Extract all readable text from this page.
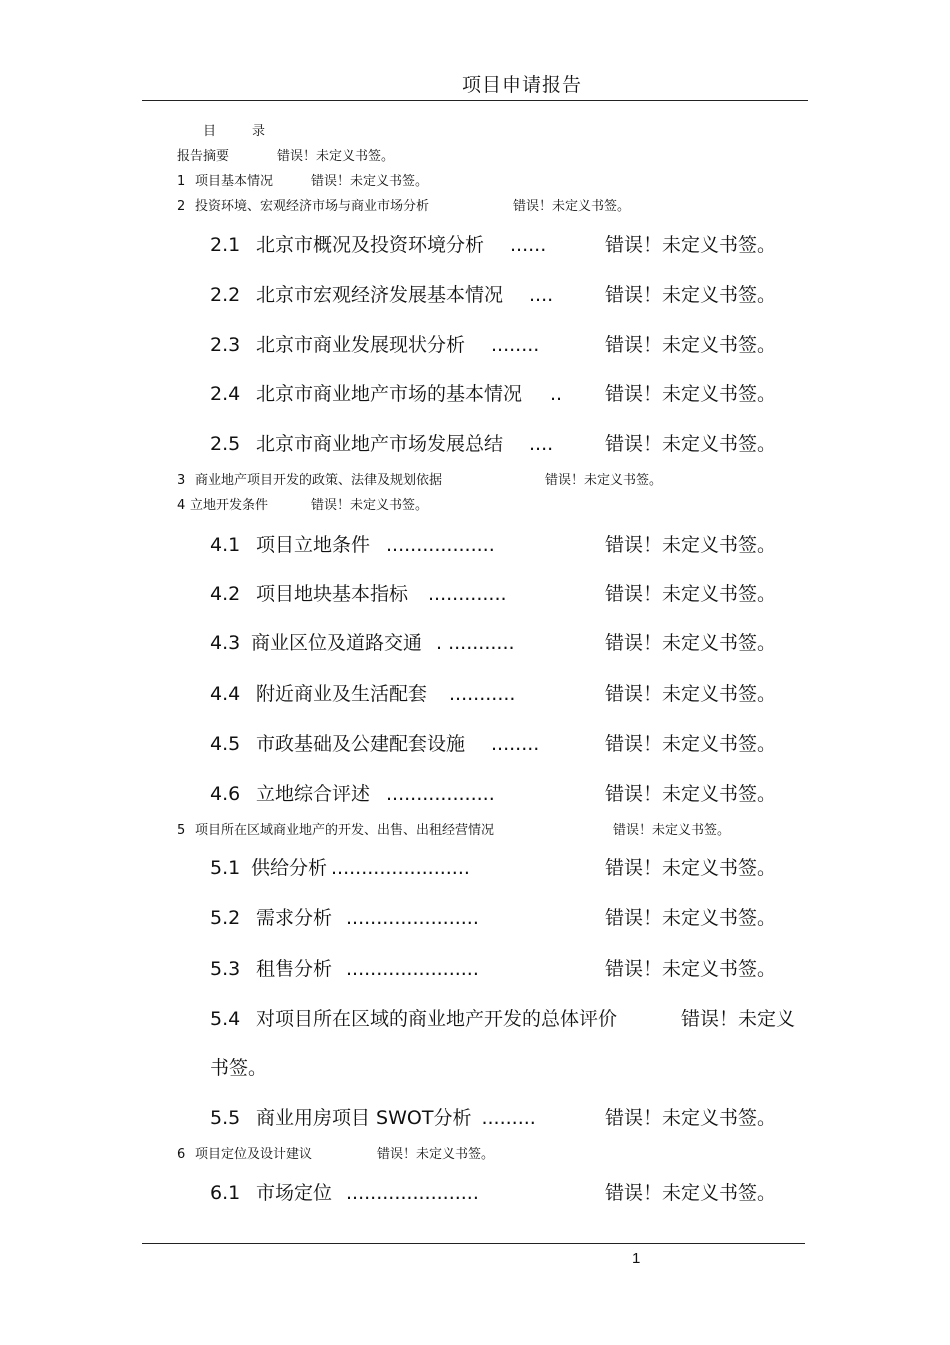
项目申请报告
目	录
报告摘要	错误！未定义书签。
1 项目基本情况	错误！未定义书签。
2 投资环境、宏观经济市场与商业市场分析	错误！未定义书签。
2.1 北京市概况及投资环境分析 ......	错误！未定义书签。
2.2 北京市宏观经济发展基本情况 ....	错误！未定义书签。
2.3 北京市商业发展现状分析 ........	错误！未定义书签。
2.4 北京市商业地产市场的基本情况 .. 错误！未定义书签。
2.5 北京市商业地产市场发展总结 ....	错误！未定义书签。
3 商业地产项目开发的政策、法律及规划依据	错误！未定义书签。
4 立地开发条件	错误！未定义书签。
4.1 项目立地条件 ..................	错误！未定义书签。
4.2 项目地块基本指标 .............	错误！未定义书签。
4.3 商业区位及道路交通 . ...........	错误！未定义书签。
4.4 附近商业及生活配套 ...........	错误！未定义书签。
4.5 市政基础及公建配套设施 ........	错误！未定义书签。
4.6 立地综合评述 ..................	错误！未定义书签。
5 项目所在区域商业地产的开发、出售、出租经营情况	错误！未定义书签。
5.1 供给分析 .......................	错误！未定义书签。
5.2 需求分析 ......................	错误！未定义书签。
5.3 租售分析 ......................	错误！未定义书签。
5.4 对项目所在区域的商业地产开发的总体评价	错误！未定义
书签。
5.5 商业用房项目 SWOT分析 .........	错误！未定义书签。
6 项目定位及设计建议	错误！未定义书签。
6.1 市场定位 ......................	错误！未定义书签。
1
